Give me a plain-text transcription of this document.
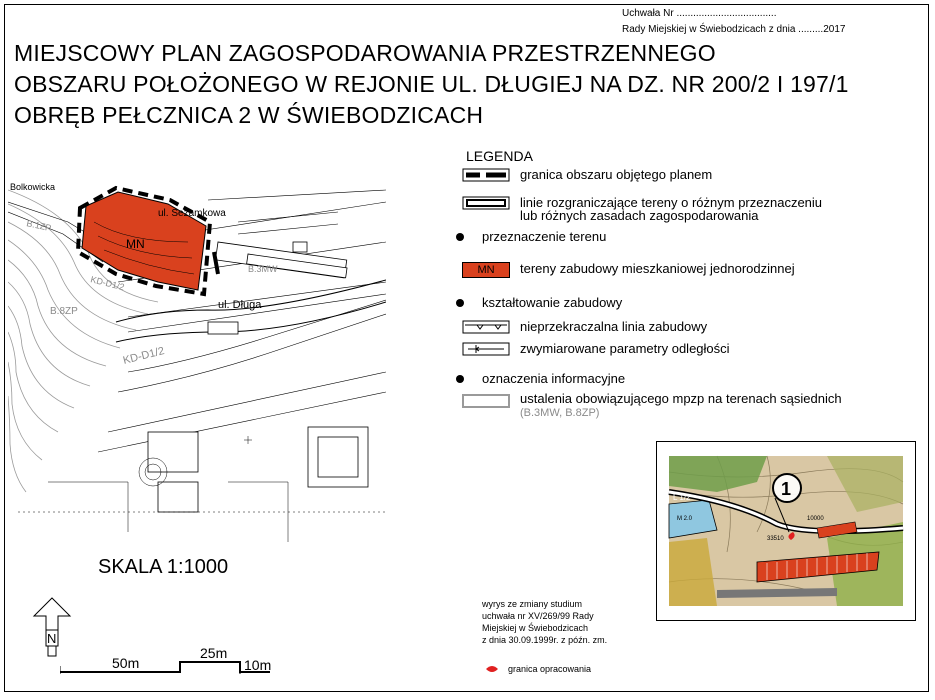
Uchwała Nr ....................................
Rady Miejskiej w Świebodzicach z dnia .........2017
MIEJSCOWY PLAN ZAGOSPODAROWANIA PRZESTRZENNEGO
OBSZARU POŁOŻONEGO W REJONIE UL. DŁUGIEJ NA DZ. NR 200/2 I 197/1
OBRĘB PEŁCZNICA 2 W ŚWIEBODZICACH
Bolkowicka
ul. Sezamkowa
MN
ul. Długa
KD-D1/2
KD-D1/2
B.3MW
B.8ZP
B.1ZP
LEGENDA
granica obszaru objętego planem
linie rozgraniczające tereny o różnym przeznaczeniu
lub różnych zasadach zagospodarowania
przeznaczenie terenu
MN	tereny zabudowy mieszkaniowej jednorodzinnej
kształtowanie zabudowy
nieprzekraczalna linia zabudowy
zwymiarowane parametry odległości
oznaczenia informacyjne
ustalenia obowiązującego mpzp na terenach sąsiednich
(B.3MW, B.8ZP)
1
L 1/2
M 2.0	10000
33510
SKALA 1:1000
N
50m
25m
10m
wyrys ze zmiany studium
uchwała nr XV/269/99 Rady
Miejskiej w Świebodzicach
z dnia 30.09.1999r. z późn. zm.
granica opracowania
